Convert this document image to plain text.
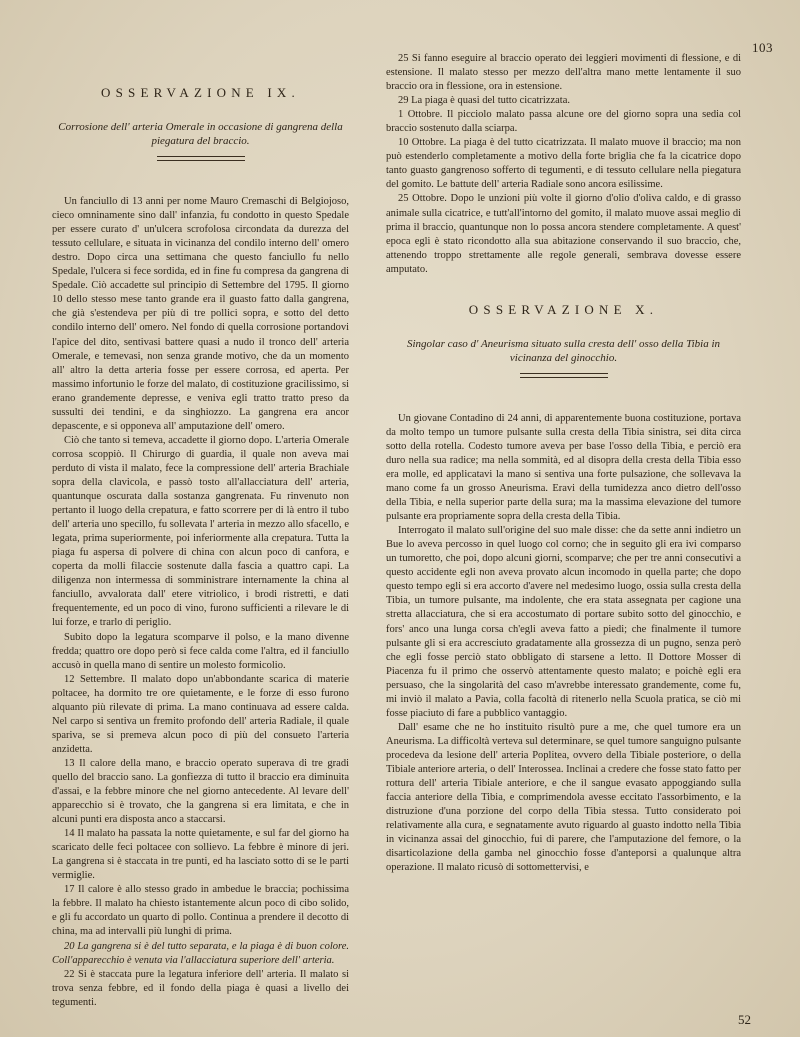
103
OSSERVAZIONE IX.

Corrosione dell' arteria Omerale in occasione di gangrena della piegatura del braccio.

Un fanciullo di 13 anni per nome Mauro Cremaschi di Belgiojoso, cieco omninamente sino dall' infanzia, fu condotto in questo Spedale per essere curato d' un'ulcera scrofolosa circondata da durezza del tessuto cellulare, e situata in vicinanza del condilo interno dell' omero destro. Dopo circa una settimana che questo fanciullo fu nello Spedale, l'ulcera si fece sordida, ed in fine fu compresa da gangrena di Spedale. Ciò accadette sul principio di Settembre del 1795. Il giorno 10 dello stesso mese tanto grande era il guasto fatto dalla gangrena, che già s'estendeva per più di tre pollici sopra, e sotto del detto condilo interno dell' omero. Nel fondo di quella corrosione portandovi l'apice del dito, sentivasi battere quasi a nudo il tronco dell' arteria Omerale, e temevasi, non senza grande motivo, che da un momento all' altro la detta arteria fosse per essere corrosa, ed aperta. Per massimo infortunio le forze del malato, di costituzione gracilissimo, si erano grandemente depresse, e veniva egli tratto tratto preso da sussulti dei tendini, e da singhiozzo. La gangrena era ancor depascente, e si opponeva all' amputazione dell' omero.

Ciò che tanto si temeva, accadette il giorno dopo. L'arteria Omerale corrosa scoppiò. Il Chirurgo di guardia, il quale non aveva mai perduto di vista il malato, fece la compressione dell' arteria Brachiale sopra della clavicola, e passò tosto all'allacciatura dell' arteria, quantunque oscurata dalla sostanza gangrenata. Fu rinvenuto non pertanto il luogo della crepatura, e fatto scorrere per di là entro il tubo dell' arteria uno specillo, fu sollevata l' arteria in mezzo allo sfacello, e legata, prima superiormente, poi inferiormente alla crepatura. Tutta la piaga fu aspersa di polvere di china con alcun poco di canfora, e coperta da molli filaccie sostenute dalla fascia a quattro capi. La diligenza non intermessa di somministrare internamente la china al fanciullo, avvalorata dall' etere vitriolico, i brodi ristretti, e dati frequentemente, ed un poco di vino, furono sufficienti a rilevare le di lui forze, e trarlo di periglio.

Subito dopo la legatura scomparve il polso, e la mano divenne fredda; quattro ore dopo però si fece calda come l'altra, ed il fanciullo accusò in quella mano di sentire un molesto formicolio.

12 Settembre. Il malato dopo un'abbondante scarica di materie poltacee, ha dormito tre ore quietamente, e le forze di esso furono alquanto più rilevate di prima. La mano continuava ad essere calda. Nel carpo si sentiva un fremito profondo dell' arteria Radiale, il quale spariva, se si premeva alcun poco di più del consueto l'arteria anzidetta.

13 Il calore della mano, e braccio operato superava di tre gradi quello del braccio sano. La gonfiezza di tutto il braccio era diminuita d'assai, e la febbre minore che nel giorno antecedente. Al levare dell' apparecchio si è trovato, che la gangrena si era limitata, e che in alcuni punti era disposta anco a staccarsi.

14 Il malato ha passata la notte quietamente, e sul far del giorno ha scaricato delle feci poltacee con sollievo. La febbre è minore di jeri. La gangrena si è staccata in tre punti, ed ha lasciato sotto di se le parti vermiglie.

17 Il calore è allo stesso grado in ambedue le braccia; pochissima la febbre. Il malato ha chiesto istantemente alcun poco di cibo solido, e gli fu accordato un quarto di pollo. Continua a prendere il decotto di china, ma ad intervalli più lunghi di prima.

20 La gangrena si è del tutto separata, e la piaga è di buon colore. Coll'apparecchio è venuta via l'allacciatura superiore dell' arteria.

22 Si è staccata pure la legatura inferiore dell' arteria. Il malato si trova senza febbre, ed il fondo della piaga è quasi a livello dei tegumenti.

25 Si fanno eseguire al braccio operato dei leggieri movimenti di flessione, e di estensione. Il malato stesso per mezzo dell'altra mano mette lentamente il suo braccio ora in flessione, ora in estensione.

29 La piaga è quasi del tutto cicatrizzata.

1 Ottobre. Il picciolo malato passa alcune ore del giorno sopra una sedia col braccio sostenuto dalla sciarpa.

10 Ottobre. La piaga è del tutto cicatrizzata. Il malato muove il braccio; ma non può estenderlo completamente a motivo della forte briglia che fa la cicatrice dopo tanto guasto gangrenoso sofferto di tegumenti, e di tessuto cellulare nella piegatura del gomito. Le battute dell' arteria Radiale sono ancora esilissime.

25 Ottobre. Dopo le unzioni più volte il giorno d'olio d'oliva caldo, e di grasso animale sulla cicatrice, e tutt'all'intorno del gomito, il malato muove assai meglio di prima il braccio, quantunque non lo possa ancora stendere completamente. A quest' epoca egli è stato ricondotto alla sua abitazione conservando il suo braccio, che, attenendo troppo strettamente alle regole generali, sembrava dovesse essere amputato.

OSSERVAZIONE X.

Singolar caso d' Aneurisma situato sulla cresta dell' osso della Tibia in vicinanza del ginocchio.

Un giovane Contadino di 24 anni, di apparentemente buona costituzione, portava da molto tempo un tumore pulsante sulla cresta della Tibia sinistra, sei dita circa sotto della rotella. Codesto tumore aveva per base l'osso della Tibia, e perciò era duro nella sua radice; ma nella sommità, ed al disopra della cresta della Tibia esso era molle, ed applicatavi la mano si sentiva una forte pulsazione, che sollevava la mano come fa un grosso Aneurisma. Eravi della tumidezza anco dietro dell'osso della Tibia, e nella superior parte della sura; ma la massima elevazione del tumore pulsante era propriamente sopra della cresta della Tibia.

Interrogato il malato sull'origine del suo male disse: che da sette anni indietro un Bue lo aveva percosso in quel luogo col corno; che in seguito gli era ivi comparso un tumoretto, che poi, dopo alcuni giorni, scomparve; che per tre anni consecutivi a questo accidente egli non aveva provato alcun incomodo in quella parte; che dopo questo tempo egli si era accorto d'avere nel medesimo luogo, ossia sulla cresta della Tibia, un tumore pulsante, ma indolente, che era stata assegnata per cagione una stretta allacciatura, che si era accostumato di portare subito sotto del ginocchio, e fors' anco una lunga corsa ch'egli aveva fatto a piedi; che finalmente il tumore pulsante gli si era accresciuto gradatamente alla grossezza di un pugno, senza però che egli fosse perciò stato obbligato di starsene a letto. Il Dottore Mosser di Piacenza fu il primo che osservò attentamente questo malato; e poichè egli era persuaso, che la singolarità del caso m'avrebbe interessato grandemente, come fu, mi inviò il malato a Pavia, colla facoltà di ritenerlo nella Scuola pratica, se ciò mi fosse piaciuto di fare a pubblico vantaggio.

Dall' esame che ne ho instituito risultò pure a me, che quel tumore era un Aneurisma. La difficoltà verteva sul determinare, se quel tumore sanguigno pulsante procedeva da lesione dell' arteria Poplitea, ovvero della Tibiale posteriore, o della Tibiale anteriore arteria, o dell' Interossea. Inclinai a credere che fosse stato fatto per rottura dell' arteria Tibiale anteriore, e che il sangue evasato appoggiando sulla faccia anteriore della Tibia, e comprimendola avesse eccitato l'assorbimento, e la distruzione d'una porzione del corpo della Tibia stessa. Tutto considerato poi relativamente alla cura, e segnatamente avuto riguardo al guasto indotto nella Tibia in vicinanza assai del ginocchio, fui di parere, che l'amputazione del femore, o la disarticolazione della gamba nel ginocchio fosse d'anteporsi a qualunque altra operazione. Il malato ricusò di sottomettervisi, e

52
